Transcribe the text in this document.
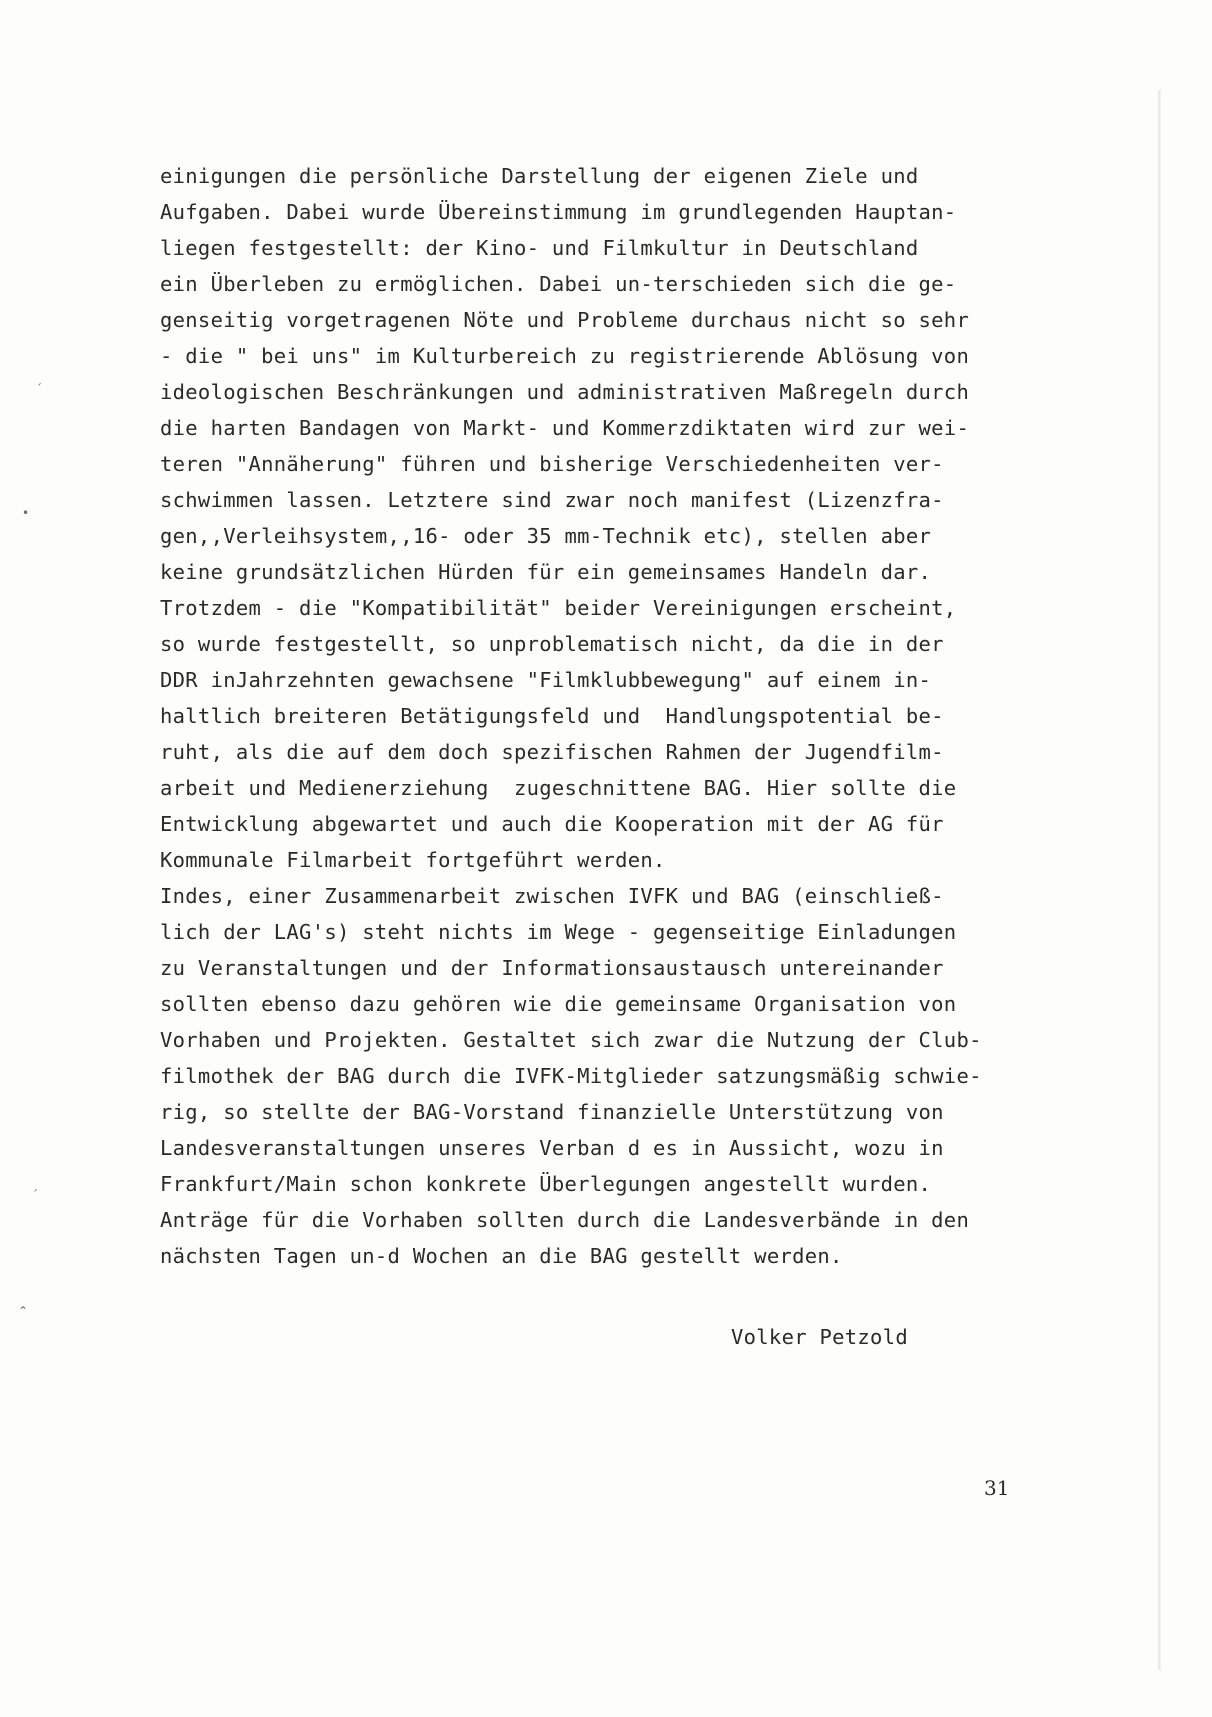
ˊ
•
ˊ
⌃
einigungen die persönliche Darstellung der eigenen Ziele und
Aufgaben. Dabei wurde Übereinstimmung im grundlegenden Hauptan-
liegen festgestellt: der Kino- und Filmkultur in Deutschland
ein Überleben zu ermöglichen. Dabei un-terschieden sich die ge-
genseitig vorgetragenen Nöte und Probleme durchaus nicht so sehr
- die " bei uns" im Kulturbereich zu registrierende Ablösung von
ideologischen Beschränkungen und administrativen Maßregeln durch
die harten Bandagen von Markt- und Kommerzdiktaten wird zur wei-
teren "Annäherung" führen und bisherige Verschiedenheiten ver-
schwimmen lassen. Letztere sind zwar noch manifest (Lizenzfra-
gen,,Verleihsystem,,16- oder 35 mm-Technik etc), stellen aber
keine grundsätzlichen Hürden für ein gemeinsames Handeln dar.
Trotzdem - die "Kompatibilität" beider Vereinigungen erscheint,
so wurde festgestellt, so unproblematisch nicht, da die in der
DDR inJahrzehnten gewachsene "Filmklubbewegung" auf einem in-
haltlich breiteren Betätigungsfeld und  Handlungspotential be-
ruht, als die auf dem doch spezifischen Rahmen der Jugendfilm-
arbeit und Medienerziehung  zugeschnittene BAG. Hier sollte die
Entwicklung abgewartet und auch die Kooperation mit der AG für
Kommunale Filmarbeit fortgeführt werden.
Indes, einer Zusammenarbeit zwischen IVFK und BAG (einschließ-
lich der LAG's) steht nichts im Wege - gegenseitige Einladungen
zu Veranstaltungen und der Informationsaustausch untereinander
sollten ebenso dazu gehören wie die gemeinsame Organisation von
Vorhaben und Projekten. Gestaltet sich zwar die Nutzung der Club-
filmothek der BAG durch die IVFK-Mitglieder satzungsmäßig schwie-
rig, so stellte der BAG-Vorstand finanzielle Unterstützung von
Landesveranstaltungen unseres Verban d es in Aussicht, wozu in
Frankfurt/Main schon konkrete Überlegungen angestellt wurden.
Anträge für die Vorhaben sollten durch die Landesverbände in den
nächsten Tagen un-d Wochen an die BAG gestellt werden.
Volker Petzold
31
